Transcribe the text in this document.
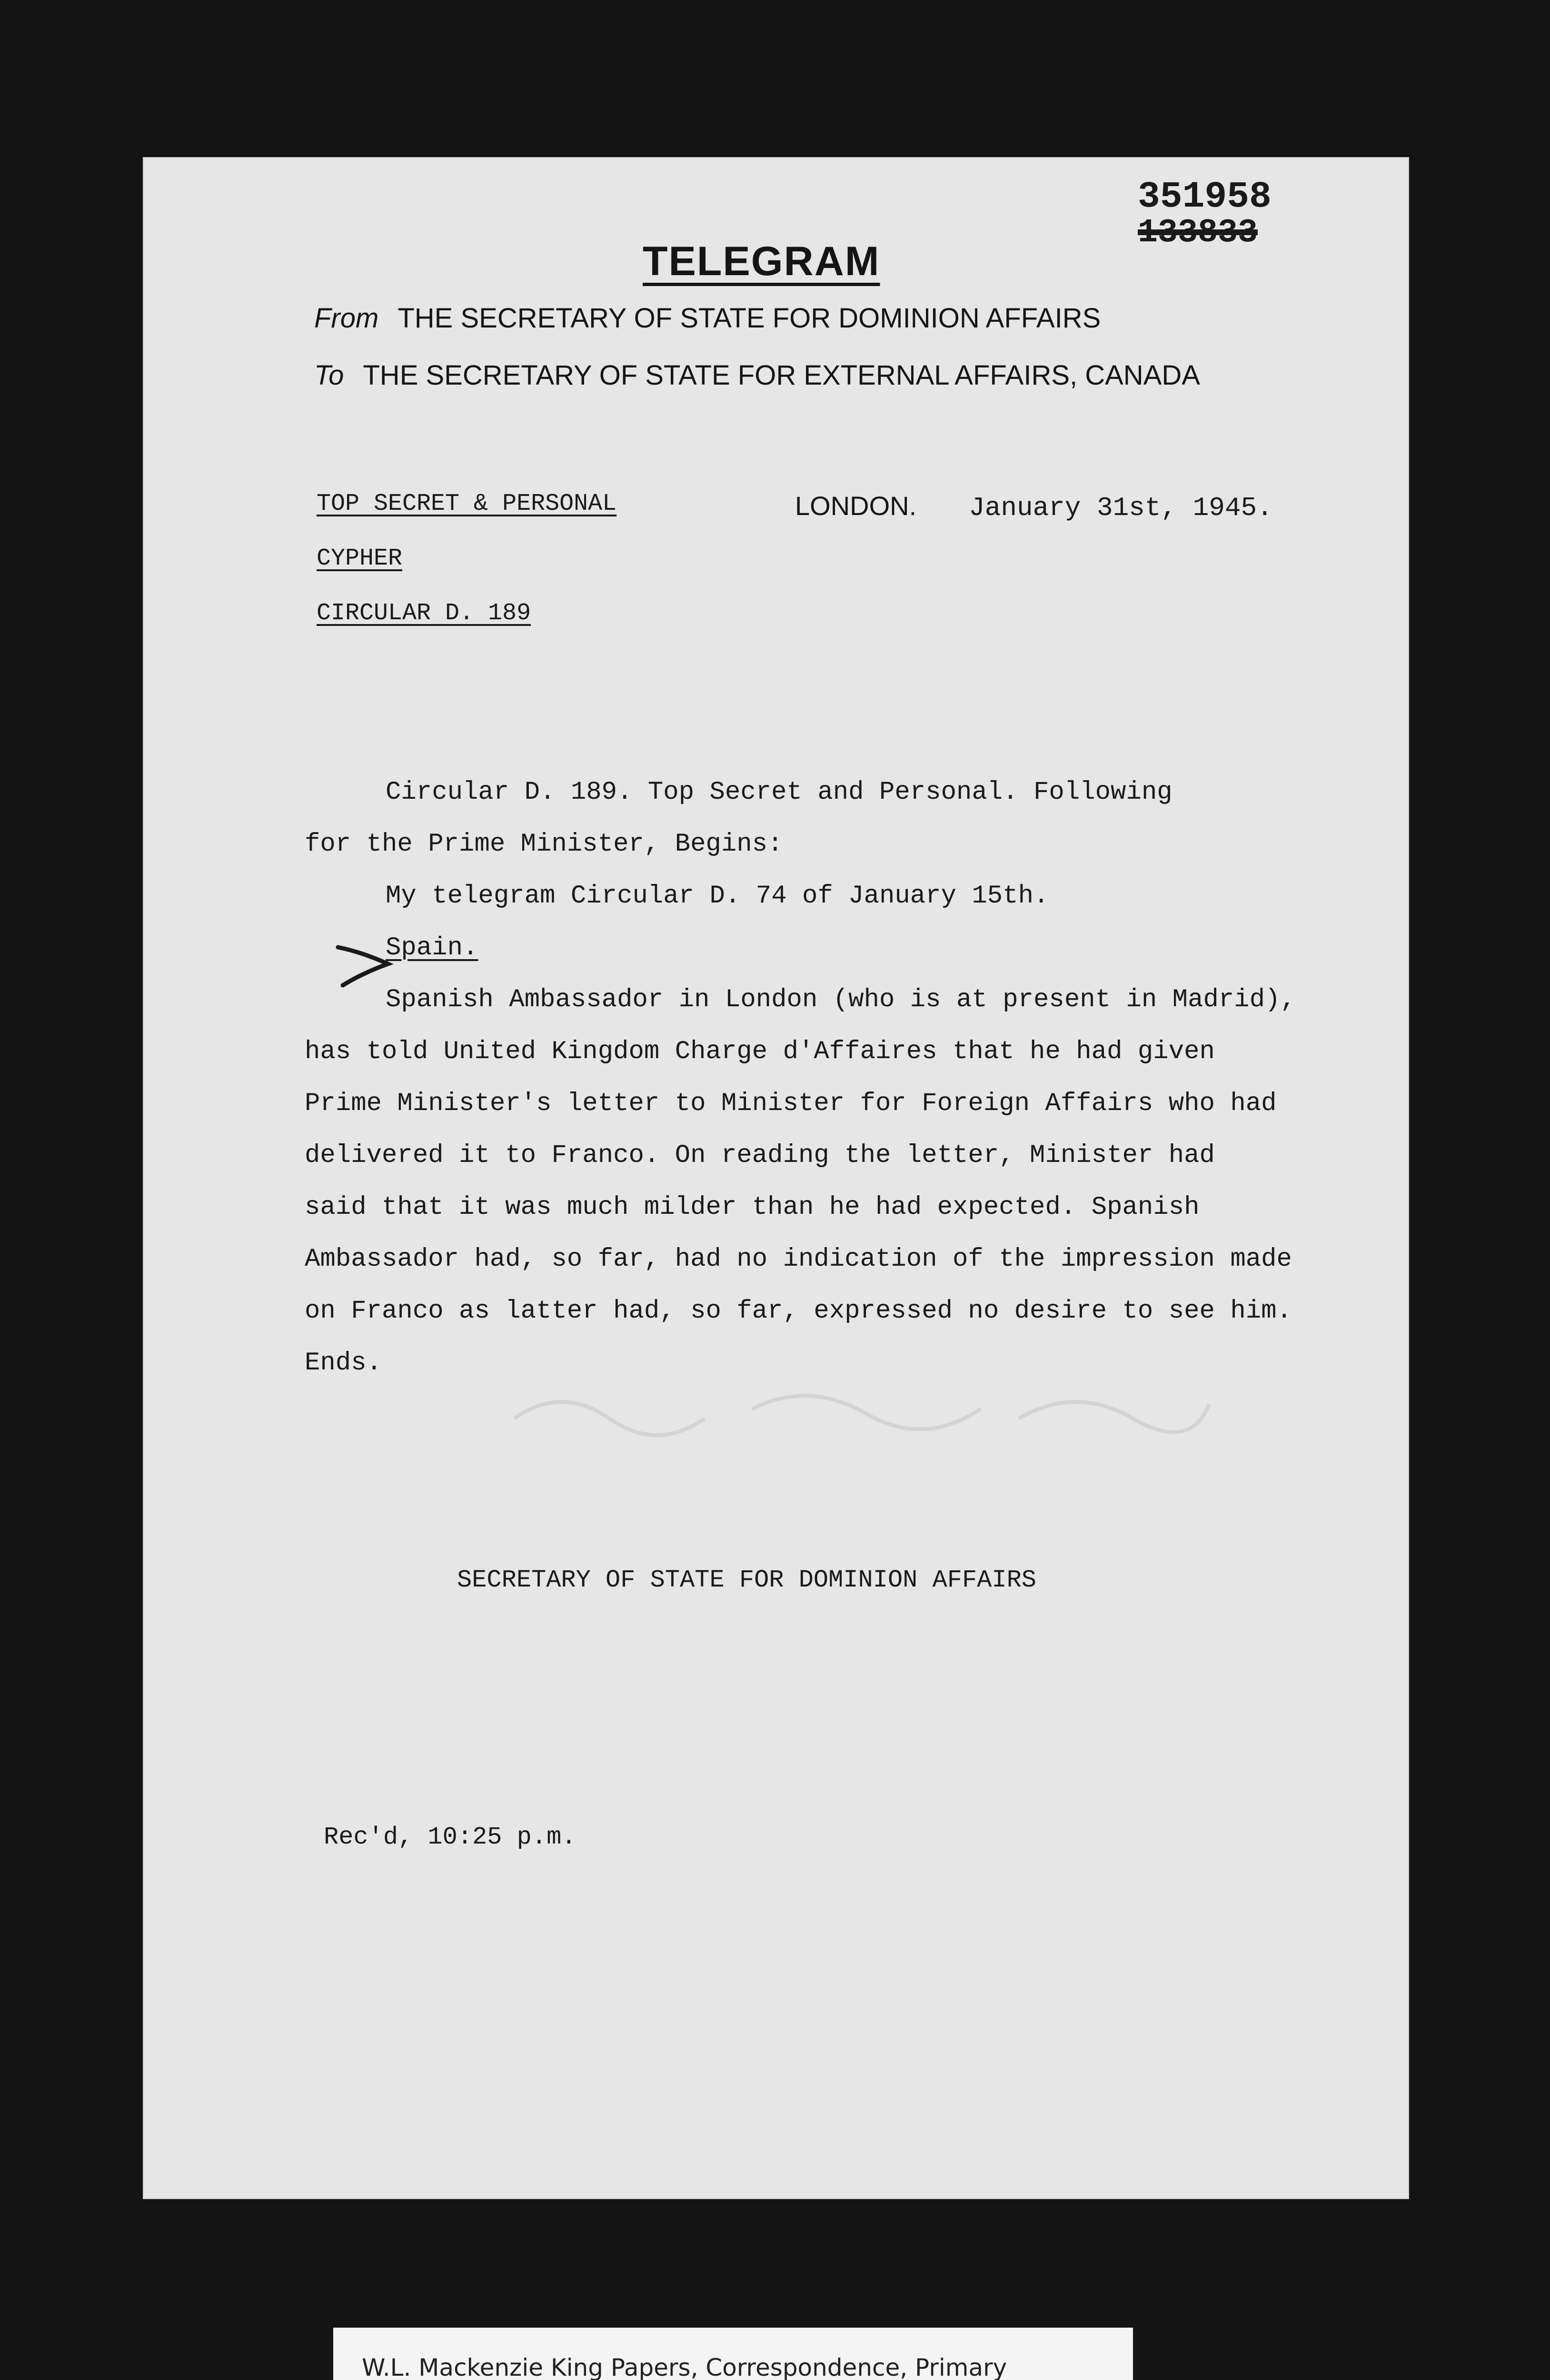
351958
133833
TELEGRAM
From THE SECRETARY OF STATE FOR DOMINION AFFAIRS
To THE SECRETARY OF STATE FOR EXTERNAL AFFAIRS, CANADA
TOP SECRET & PERSONAL
CYPHER
CIRCULAR D. 189
LONDON. January 31st, 1945.

Circular D. 189. Top Secret and Personal. Following

for the Prime Minister, Begins:

My telegram Circular D. 74 of January 15th.

Spain.

Spanish Ambassador in London (who is at present in Madrid),

has told United Kingdom Charge d'Affaires that he had given

Prime Minister's letter to Minister for Foreign Affairs who had

delivered it to Franco. On reading the letter, Minister had

said that it was much milder than he had expected. Spanish

Ambassador had, so far, had no indication of the impression made

on Franco as latter had, so far, expressed no desire to see him.

Ends.

SECRETARY OF STATE FOR DOMINION AFFAIRS
Rec'd, 10:25 p.m.
W.L. Mackenzie King Papers, Correspondence, Primary
